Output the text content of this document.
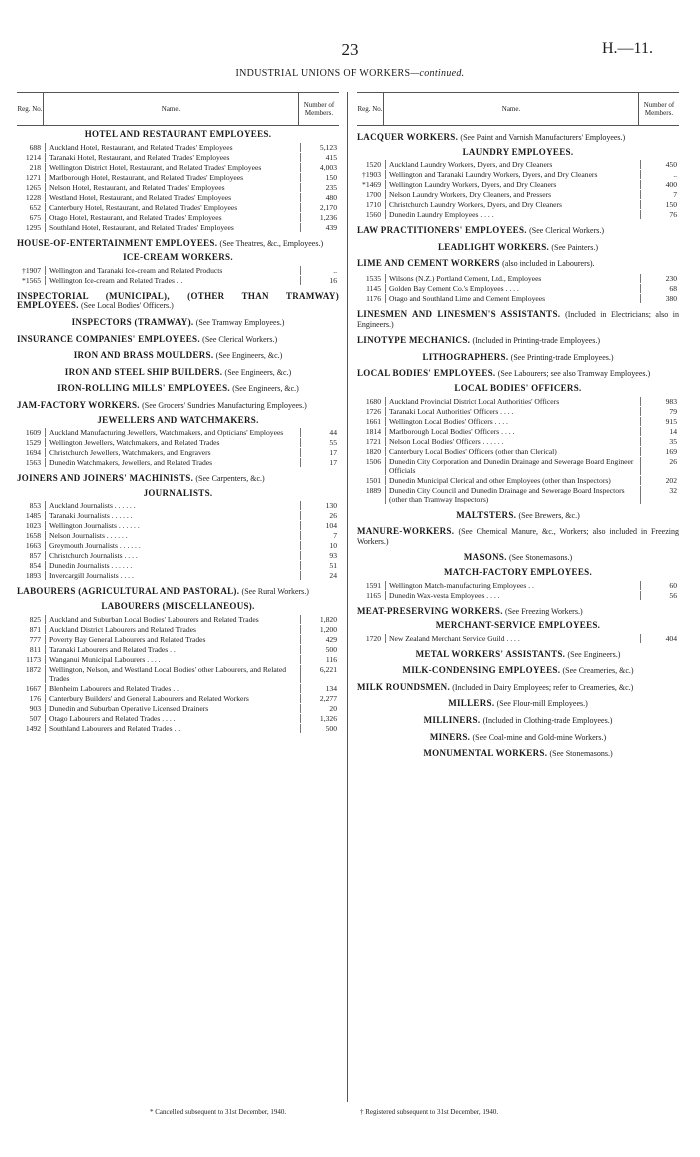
23	H.—11.
INDUSTRIAL UNIONS OF WORKERS—continued.
Reg. No.	Name.	Number of Members.
HOTEL AND RESTAURANT EMPLOYEES.
688	Auckland Hotel, Restaurant, and Related Trades' Employees	5,123
1214	Taranaki Hotel, Restaurant, and Related Trades' Employees	415
218	Wellington District Hotel, Restaurant, and Related Trades' Employees	4,003
1271	Marlborough Hotel, Restaurant, and Related Trades' Employees	150
1265	Nelson Hotel, Restaurant, and Related Trades' Employees	235
1228	Westland Hotel, Restaurant, and Related Trades' Employees	480
652	Canterbury Hotel, Restaurant, and Related Trades' Employees	2,170
675	Otago Hotel, Restaurant, and Related Trades' Employees	1,236
1295	Southland Hotel, Restaurant, and Related Trades' Employees	439
HOUSE-OF-ENTERTAINMENT EMPLOYEES. (See Theatres, &c., Employees.)
ICE-CREAM WORKERS.
†1907	Wellington and Taranaki Ice-cream and Related Products	..
*1565	Wellington Ice-cream and Related Trades . .	16
INSPECTORIAL (MUNICIPAL), (OTHER THAN TRAMWAY) EMPLOYEES. (See Local Bodies' Officers.)
INSPECTORS (TRAMWAY). (See Tramway Employees.)
INSURANCE COMPANIES' EMPLOYEES. (See Clerical Workers.)
IRON AND BRASS MOULDERS. (See Engineers, &c.)
IRON AND STEEL SHIP BUILDERS. (See Engineers, &c.)
IRON-ROLLING MILLS' EMPLOYEES. (See Engineers, &c.)
JAM-FACTORY WORKERS. (See Grocers' Sundries Manufacturing Employees.)
JEWELLERS AND WATCHMAKERS.
1609	Auckland Manufacturing Jewellers, Watchmakers, and Opticians' Employees	44
1529	Wellington Jewellers, Watchmakers, and Related Trades	55
1694	Christchurch Jewellers, Watchmakers, and Engravers	17
1563	Dunedin Watchmakers, Jewellers, and Related Trades	17
JOINERS AND JOINERS' MACHINISTS. (See Carpenters, &c.)
JOURNALISTS.
853	Auckland Journalists . . . . . .	130
1485	Taranaki Journalists . . . . . .	26
1023	Wellington Journalists . . . . . .	104
1658	Nelson Journalists . . . . . .	7
1663	Greymouth Journalists . . . . . .	10
857	Christchurch Journalists . . . .	93
854	Dunedin Journalists . . . . . .	51
1893	Invercargill Journalists . . . .	24
LABOURERS (AGRICULTURAL AND PASTORAL). (See Rural Workers.)
LABOURERS (MISCELLANEOUS).
825	Auckland and Suburban Local Bodies' Labourers and Related Trades	1,820
871	Auckland District Labourers and Related Trades	1,200
777	Poverty Bay General Labourers and Related Trades	429
811	Taranaki Labourers and Related Trades . .	500
1173	Wanganui Municipal Labourers . . . .	116
1872	Wellington, Nelson, and Westland Local Bodies' other Labourers, and Related Trades
6,221
1667	Blenheim Labourers and Related Trades . .	134
176	Canterbury Builders' and General Labourers and Related Workers	2,277
903	Dunedin and Suburban Operative Licensed Drainers	20
507	Otago Labourers and Related Trades . . . .	1,326
1492	Southland Labourers and Related Trades . .	500
Reg. No.	Name.	Number of Members.
LACQUER WORKERS. (See Paint and Varnish Manufacturers' Employees.)
LAUNDRY EMPLOYEES.
1520	Auckland Laundry Workers, Dyers, and Dry Cleaners	450
†1903	Wellington and Taranaki Laundry Workers, Dyers, and Dry Cleaners	..
*1469	Wellington Laundry Workers, Dyers, and Dry Cleaners	400
1700	Nelson Laundry Workers, Dry Cleaners, and Pressers	7
1710	Christchurch Laundry Workers, Dyers, and Dry Cleaners	150
1560	Dunedin Laundry Employees . . . .	76
LAW PRACTITIONERS' EMPLOYEES. (See Clerical Workers.)
LEADLIGHT WORKERS. (See Painters.)
LIME AND CEMENT WORKERS (also included in Labourers).
1535	Wilsons (N.Z.) Portland Cement, Ltd., Employees	230
1145	Golden Bay Cement Co.'s Employees . . . .	68
1176	Otago and Southland Lime and Cement Employees	380
LINESMEN AND LINESMEN'S ASSISTANTS. (Included in Electricians; also in Engineers.)
LINOTYPE MECHANICS. (Included in Printing-trade Employees.)
LITHOGRAPHERS. (See Printing-trade Employees.)
LOCAL BODIES' EMPLOYEES. (See Labourers; see also Tramway Employees.)
LOCAL BODIES' OFFICERS.
1680	Auckland Provincial District Local Authorities' Officers	983
1726	Taranaki Local Authorities' Officers . . . .	79
1661	Wellington Local Bodies' Officers . . . .	915
1814	Marlborough Local Bodies' Officers . . . .	14
1721	Nelson Local Bodies' Officers . . . . . .	35
1820	Canterbury Local Bodies' Officers (other than Clerical)	169
1506	Dunedin City Corporation and Dunedin Drainage and Sewerage Board Engineer Officials
26
1501	Dunedin Municipal Clerical and other Employees (other than Inspectors)	202
1889	Dunedin City Council and Dunedin Drainage and Sewerage Board Inspectors (other than Tramway Inspectors)
32
MALTSTERS. (See Brewers, &c.)
MANURE-WORKERS. (See Chemical Manure, &c., Workers; also included in Freezing Workers.)
MASONS. (See Stonemasons.)
MATCH-FACTORY EMPLOYEES.
1591	Wellington Match-manufacturing Employees . .	60
1165	Dunedin Wax-vesta Employees . . . .	56
MEAT-PRESERVING WORKERS. (See Freezing Workers.)
MERCHANT-SERVICE EMPLOYEES.
1720	New Zealand Merchant Service Guild . . . .	404
METAL WORKERS' ASSISTANTS. (See Engineers.)
MILK-CONDENSING EMPLOYEES. (See Creameries, &c.)
MILK ROUNDSMEN. (Included in Dairy Employees; refer to Creameries, &c.)
MILLERS. (See Flour-mill Employees.)
MILLINERS. (Included in Clothing-trade Employees.)
MINERS. (See Coal-mine and Gold-mine Workers.)
MONUMENTAL WORKERS. (See Stonemasons.)
* Cancelled subsequent to 31st December, 1940.	† Registered subsequent to 31st December, 1940.
